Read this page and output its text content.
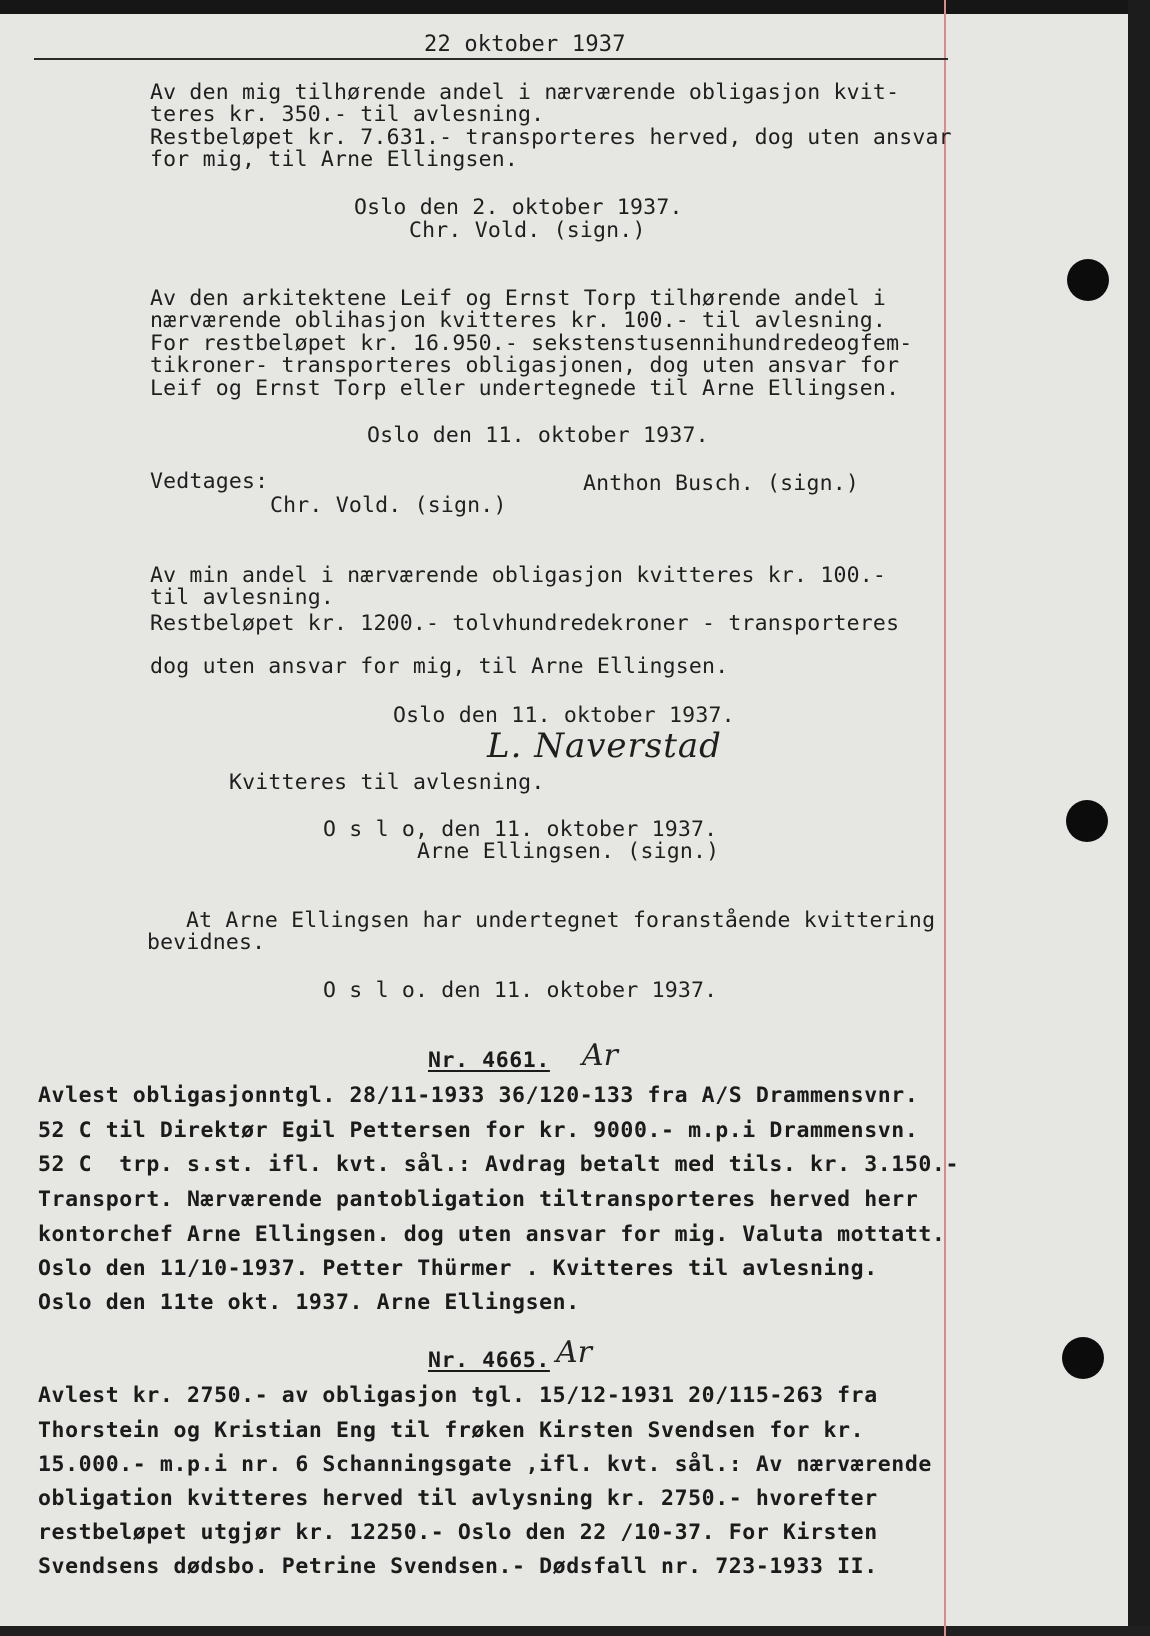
22 oktober 1937
Av den mig tilhørende andel i nærværende obligasjon kvit-
teres kr. 350.- til avlesning.
Restbeløpet kr. 7.631.- transporteres herved, dog uten ansvar
for mig, til Arne Ellingsen.
Oslo den 2. oktober 1937.
Chr. Vold. (sign.)
Av den arkitektene Leif og Ernst Torp tilhørende andel i
nærværende oblihasjon kvitteres kr. 100.- til avlesning.
For restbeløpet kr. 16.950.- sekstenstusennihundredeogfem-
tikroner- transporteres obligasjonen, dog uten ansvar for
Leif og Ernst Torp eller undertegnede til Arne Ellingsen.
Oslo den 11. oktober 1937.
Vedtages:	Anthon Busch. (sign.)
Chr. Vold. (sign.)
Av min andel i nærværende obligasjon kvitteres kr. 100.-
til avlesning.
Restbeløpet kr. 1200.- tolvhundredekroner - transporteres
dog uten ansvar for mig, til Arne Ellingsen.
Oslo den 11. oktober 1937.
L. Naverstad
Kvitteres til avlesning.
O s l o, den 11. oktober 1937.
Arne Ellingsen. (sign.)
At Arne Ellingsen har undertegnet foranstående kvittering
bevidnes.
O s l o. den 11. oktober 1937.
Nr. 4661. Ar
Avlest obligasjonntgl. 28/11-1933 36/120-133 fra A/S Drammensvnr.
52 C til Direktør Egil Pettersen for kr. 9000.- m.p.i Drammensvn.
52 C  trp. s.st. ifl. kvt. sål.: Avdrag betalt med tils. kr. 3.150.-
Transport. Nærværende pantobligation tiltransporteres herved herr
kontorchef Arne Ellingsen. dog uten ansvar for mig. Valuta mottatt.
Oslo den 11/10-1937. Petter Thürmer . Kvitteres til avlesning.
Oslo den 11te okt. 1937. Arne Ellingsen.
Nr. 4665. Ar
Avlest kr. 2750.- av obligasjon tgl. 15/12-1931 20/115-263 fra
Thorstein og Kristian Eng til frøken Kirsten Svendsen for kr.
15.000.- m.p.i nr. 6 Schanningsgate ,ifl. kvt. sål.: Av nærværende
obligation kvitteres herved til avlysning kr. 2750.- hvorefter
restbeløpet utgjør kr. 12250.- Oslo den 22 /10-37. For Kirsten
Svendsens dødsbo. Petrine Svendsen.- Dødsfall nr. 723-1933 II.
